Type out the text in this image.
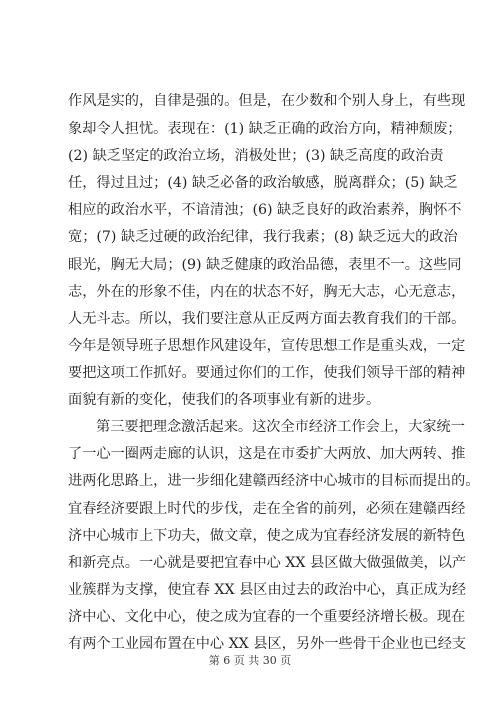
作风是实的，自律是强的。但是，在少数和个别人身上，有些现
象却令人担忧。表现在：(1) 缺乏正确的政治方向，精神颓废；
(2) 缺乏坚定的政治立场，消极处世；(3) 缺乏高度的政治责
任，得过且过；(4) 缺乏必备的政治敏感，脱离群众；(5) 缺乏
相应的政治水平，不谙清浊；(6) 缺乏良好的政治素养，胸怀不
宽；(7) 缺乏过硬的政治纪律，我行我素；(8) 缺乏远大的政治
眼光，胸无大局；(9) 缺乏健康的政治品德，表里不一。这些同
志，外在的形象不佳，内在的状态不好，胸无大志，心无意志，
人无斗志。所以，我们要注意从正反两方面去教育我们的干部。
今年是领导班子思想作风建设年，宣传思想工作是重头戏，一定
要把这项工作抓好。要通过你们的工作，使我们领导干部的精神
面貌有新的变化，使我们的各项事业有新的进步。
第三要把理念激活起来。这次全市经济工作会上，大家统一
了一心一圈两走廊的认识，这是在市委扩大两放、加大两转、推
进两化思路上，进一步细化建赣西经济中心城市的目标而提出的。
宜春经济要跟上时代的步伐，走在全省的前列，必须在建赣西经
济中心城市上下功夫，做文章，使之成为宜春经济发展的新特色
和新亮点。一心就是要把宜春中心 XX 县区做大做强做美，以产
业簇群为支撑，使宜春 XX 县区由过去的政治中心，真正成为经
济中心、文化中心，使之成为宜春的一个重要经济增长极。现在
有两个工业园布置在中心 XX 县区，另外一些骨干企业也已经支
第 6 页 共 30 页
